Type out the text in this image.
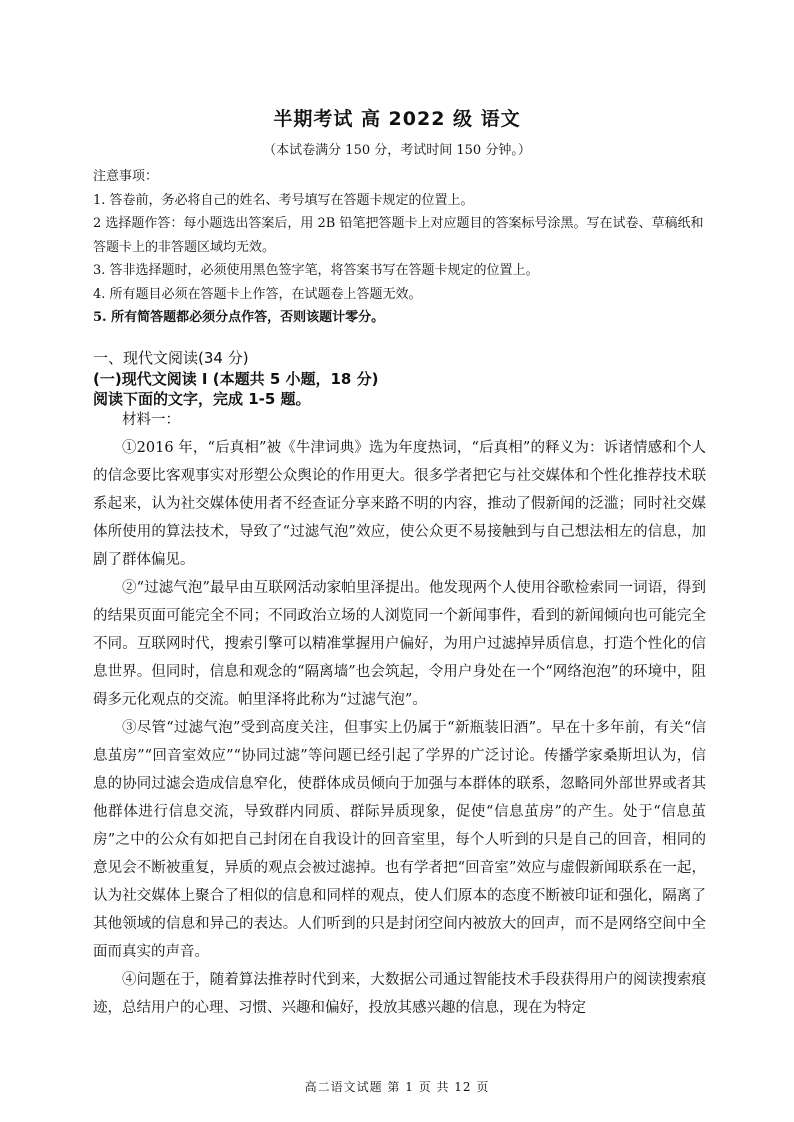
半期考试 高 2022 级 语文
（本试卷满分 150 分，考试时间 150 分钟。）
注意事项：
1. 答卷前，务必将自己的姓名、考号填写在答题卡规定的位置上。
2 选择题作答：每小题选出答案后，用 2B 铅笔把答题卡上对应题目的答案标号涂黑。写在试卷、草稿纸和答题卡上的非答题区域均无效。
3. 答非选择题时，必须使用黑色签字笔，将答案书写在答题卡规定的位置上。
4. 所有题目必须在答题卡上作答，在试题卷上答题无效。
5. 所有简答题都必须分点作答，否则该题计零分。
一、现代文阅读(34 分)
(一)现代文阅读 I (本题共 5 小题，18 分)
阅读下面的文字，完成 1-5 题。

材料一：

①2016 年，“后真相”被《牛津词典》选为年度热词，“后真相”的释义为：诉诸情感和个人的信念要比客观事实对形塑公众舆论的作用更大。很多学者把它与社交媒体和个性化推荐技术联系起来，认为社交媒体使用者不经查证分享来路不明的内容，推动了假新闻的泛滥；同时社交媒体所使用的算法技术，导致了“过滤气泡”效应，使公众更不易接触到与自己想法相左的信息，加剧了群体偏见。

②“过滤气泡”最早由互联网活动家帕里泽提出。他发现两个人使用谷歌检索同一词语，得到的结果页面可能完全不同；不同政治立场的人浏览同一个新闻事件，看到的新闻倾向也可能完全不同。互联网时代，搜索引擎可以精准掌握用户偏好，为用户过滤掉异质信息，打造个性化的信息世界。但同时，信息和观念的“隔离墙”也会筑起，令用户身处在一个“网络泡泡”的环境中，阻碍多元化观点的交流。帕里泽将此称为“过滤气泡”。

③尽管“过滤气泡”受到高度关注，但事实上仍属于“新瓶装旧酒”。早在十多年前，有关“信息茧房”“回音室效应”“协同过滤”等问题已经引起了学界的广泛讨论。传播学家桑斯坦认为，信息的协同过滤会造成信息窄化，使群体成员倾向于加强与本群体的联系，忽略同外部世界或者其他群体进行信息交流，导致群内同质、群际异质现象，促使“信息茧房”的产生。处于“信息茧房”之中的公众有如把自己封闭在自我设计的回音室里，每个人听到的只是自己的回音，相同的意见会不断被重复，异质的观点会被过滤掉。也有学者把“回音室”效应与虚假新闻联系在一起，认为社交媒体上聚合了相似的信息和同样的观点，使人们原本的态度不断被印证和强化，隔离了其他领域的信息和异己的表达。人们听到的只是封闭空间内被放大的回声，而不是网络空间中全面而真实的声音。

④问题在于，随着算法推荐时代到来，大数据公司通过智能技术手段获得用户的阅读搜索痕迹，总结用户的心理、习惯、兴趣和偏好，投放其感兴趣的信息，现在为特定

高二语文试题 第 1 页 共 12 页
